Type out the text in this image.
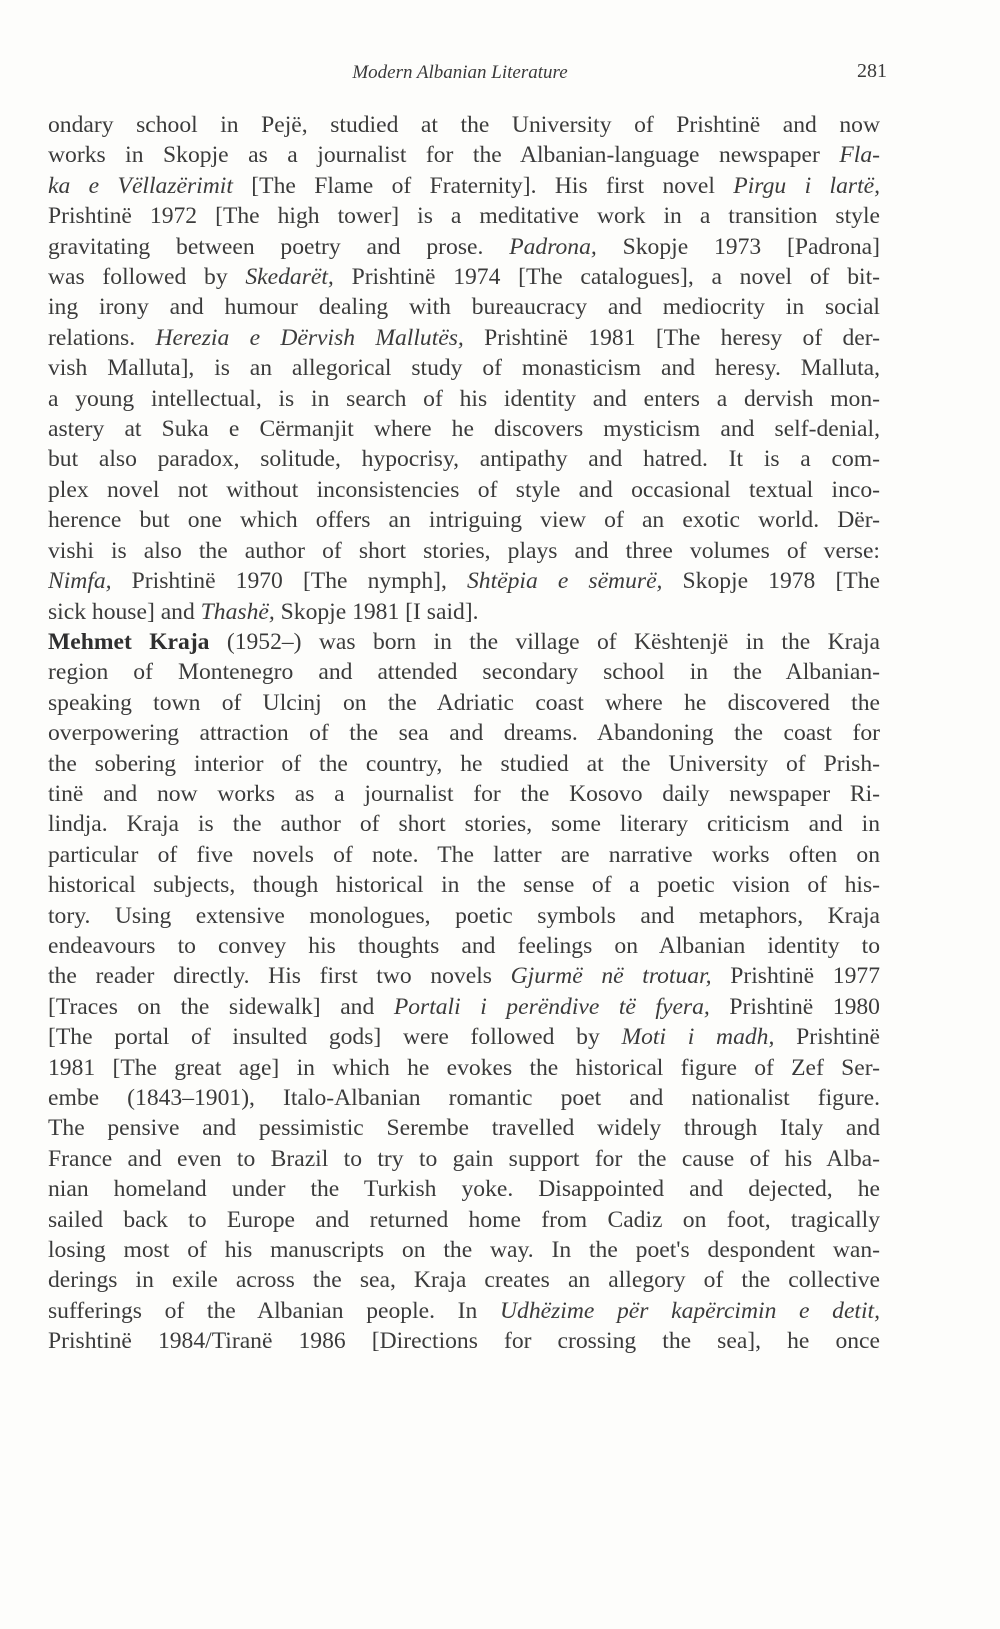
Modern Albanian Literature	281
ondary school in Pejë, studied at the University of Prishtinë and now
works in Skopje as a journalist for the Albanian-language newspaper Fla-
ka e Vëllazërimit [The Flame of Fraternity]. His first novel Pirgu i lartë,
Prishtinë 1972 [The high tower] is a meditative work in a transition style
gravitating between poetry and prose. Padrona, Skopje 1973 [Padrona]
was followed by Skedarët, Prishtinë 1974 [The catalogues], a novel of bit-
ing irony and humour dealing with bureaucracy and mediocrity in social
relations. Herezia e Dërvish Mallutës, Prishtinë 1981 [The heresy of der-
vish Malluta], is an allegorical study of monasticism and heresy. Malluta,
a young intellectual, is in search of his identity and enters a dervish mon-
astery at Suka e Cërmanjit where he discovers mysticism and self-denial,
but also paradox, solitude, hypocrisy, antipathy and hatred. It is a com-
plex novel not without inconsistencies of style and occasional textual inco-
herence but one which offers an intriguing view of an exotic world. Dër-
vishi is also the author of short stories, plays and three volumes of verse:
Nimfa, Prishtinë 1970 [The nymph], Shtëpia e sëmurë, Skopje 1978 [The
sick house] and Thashë, Skopje 1981 [I said].
Mehmet Kraja (1952–) was born in the village of Kështenjë in the Kraja
region of Montenegro and attended secondary school in the Albanian-
speaking town of Ulcinj on the Adriatic coast where he discovered the
overpowering attraction of the sea and dreams. Abandoning the coast for
the sobering interior of the country, he studied at the University of Prish-
tinë and now works as a journalist for the Kosovo daily newspaper Ri-
lindja. Kraja is the author of short stories, some literary criticism and in
particular of five novels of note. The latter are narrative works often on
historical subjects, though historical in the sense of a poetic vision of his-
tory. Using extensive monologues, poetic symbols and metaphors, Kraja
endeavours to convey his thoughts and feelings on Albanian identity to
the reader directly. His first two novels Gjurmë në trotuar, Prishtinë 1977
[Traces on the sidewalk] and Portali i perëndive të fyera, Prishtinë 1980
[The portal of insulted gods] were followed by Moti i madh, Prishtinë
1981 [The great age] in which he evokes the historical figure of Zef Ser-
embe (1843–1901), Italo-Albanian romantic poet and nationalist figure.
The pensive and pessimistic Serembe travelled widely through Italy and
France and even to Brazil to try to gain support for the cause of his Alba-
nian homeland under the Turkish yoke. Disappointed and dejected, he
sailed back to Europe and returned home from Cadiz on foot, tragically
losing most of his manuscripts on the way. In the poet's despondent wan-
derings in exile across the sea, Kraja creates an allegory of the collective
sufferings of the Albanian people. In Udhëzime për kapërcimin e detit,
Prishtinë 1984/Tiranë 1986 [Directions for crossing the sea], he once
